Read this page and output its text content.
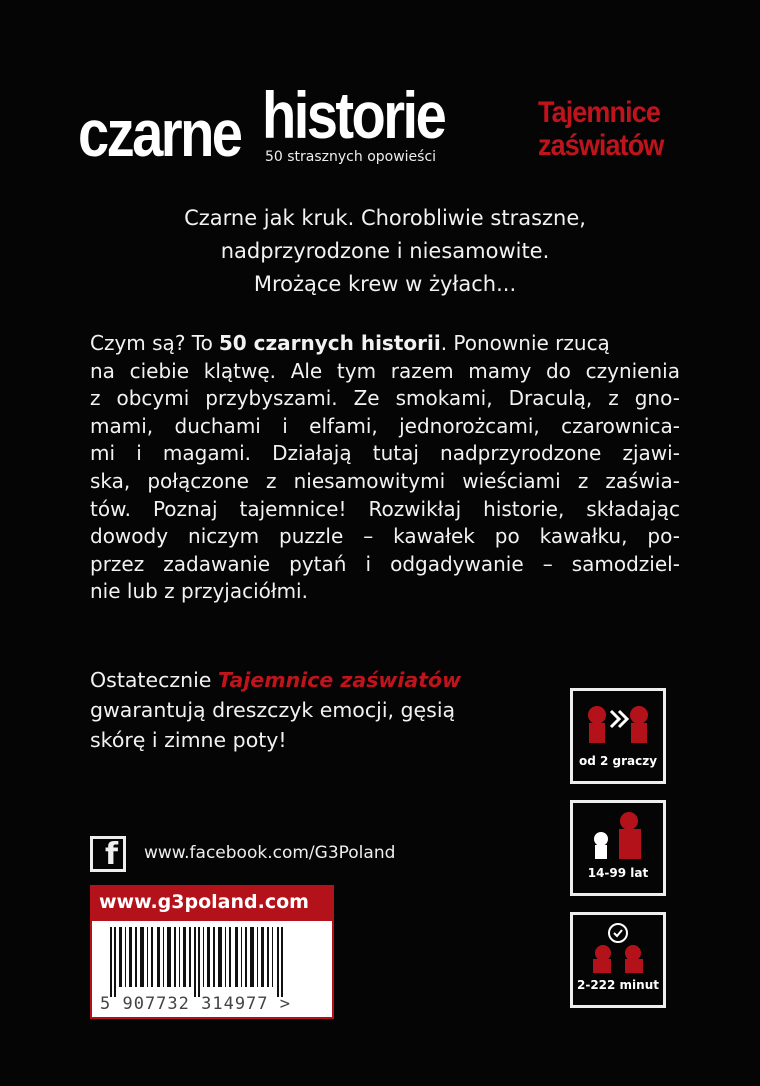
czarne historie
50 strasznych opowieści
Tajemnice
zaświatów
Czarne jak kruk. Chorobliwie straszne,
nadprzyrodzone i niesamowite.
Mrożące krew w żyłach...
Czym są? To 50 czarnych historii . Ponownie rzucą
na ciebie klątwę. Ale tym razem mamy do czynienia
z obcymi przybyszami. Ze smokami, Draculą, z gno-
mami, duchami i elfami, jednorożcami, czarownica-
mi i magami. Działają tutaj nadprzyrodzone zjawi-
ska, połączone z niesamowitymi wieściami z zaświa-
tów. Poznaj tajemnice! Rozwikłaj historie, składając
dowody niczym puzzle – kawałek po kawałku, po-
przez zadawanie pytań i odgadywanie – samodziel-
nie lub z przyjaciółmi.
Ostatecznie Tajemnice zaświatów
gwarantują dreszczyk emocji, gęsią
skórę i zimne poty!
od 2 graczy
14-99 lat
2-222 minut
f	www.facebook.com/G3Poland
www.g3poland.com
5 907732 314977 >
